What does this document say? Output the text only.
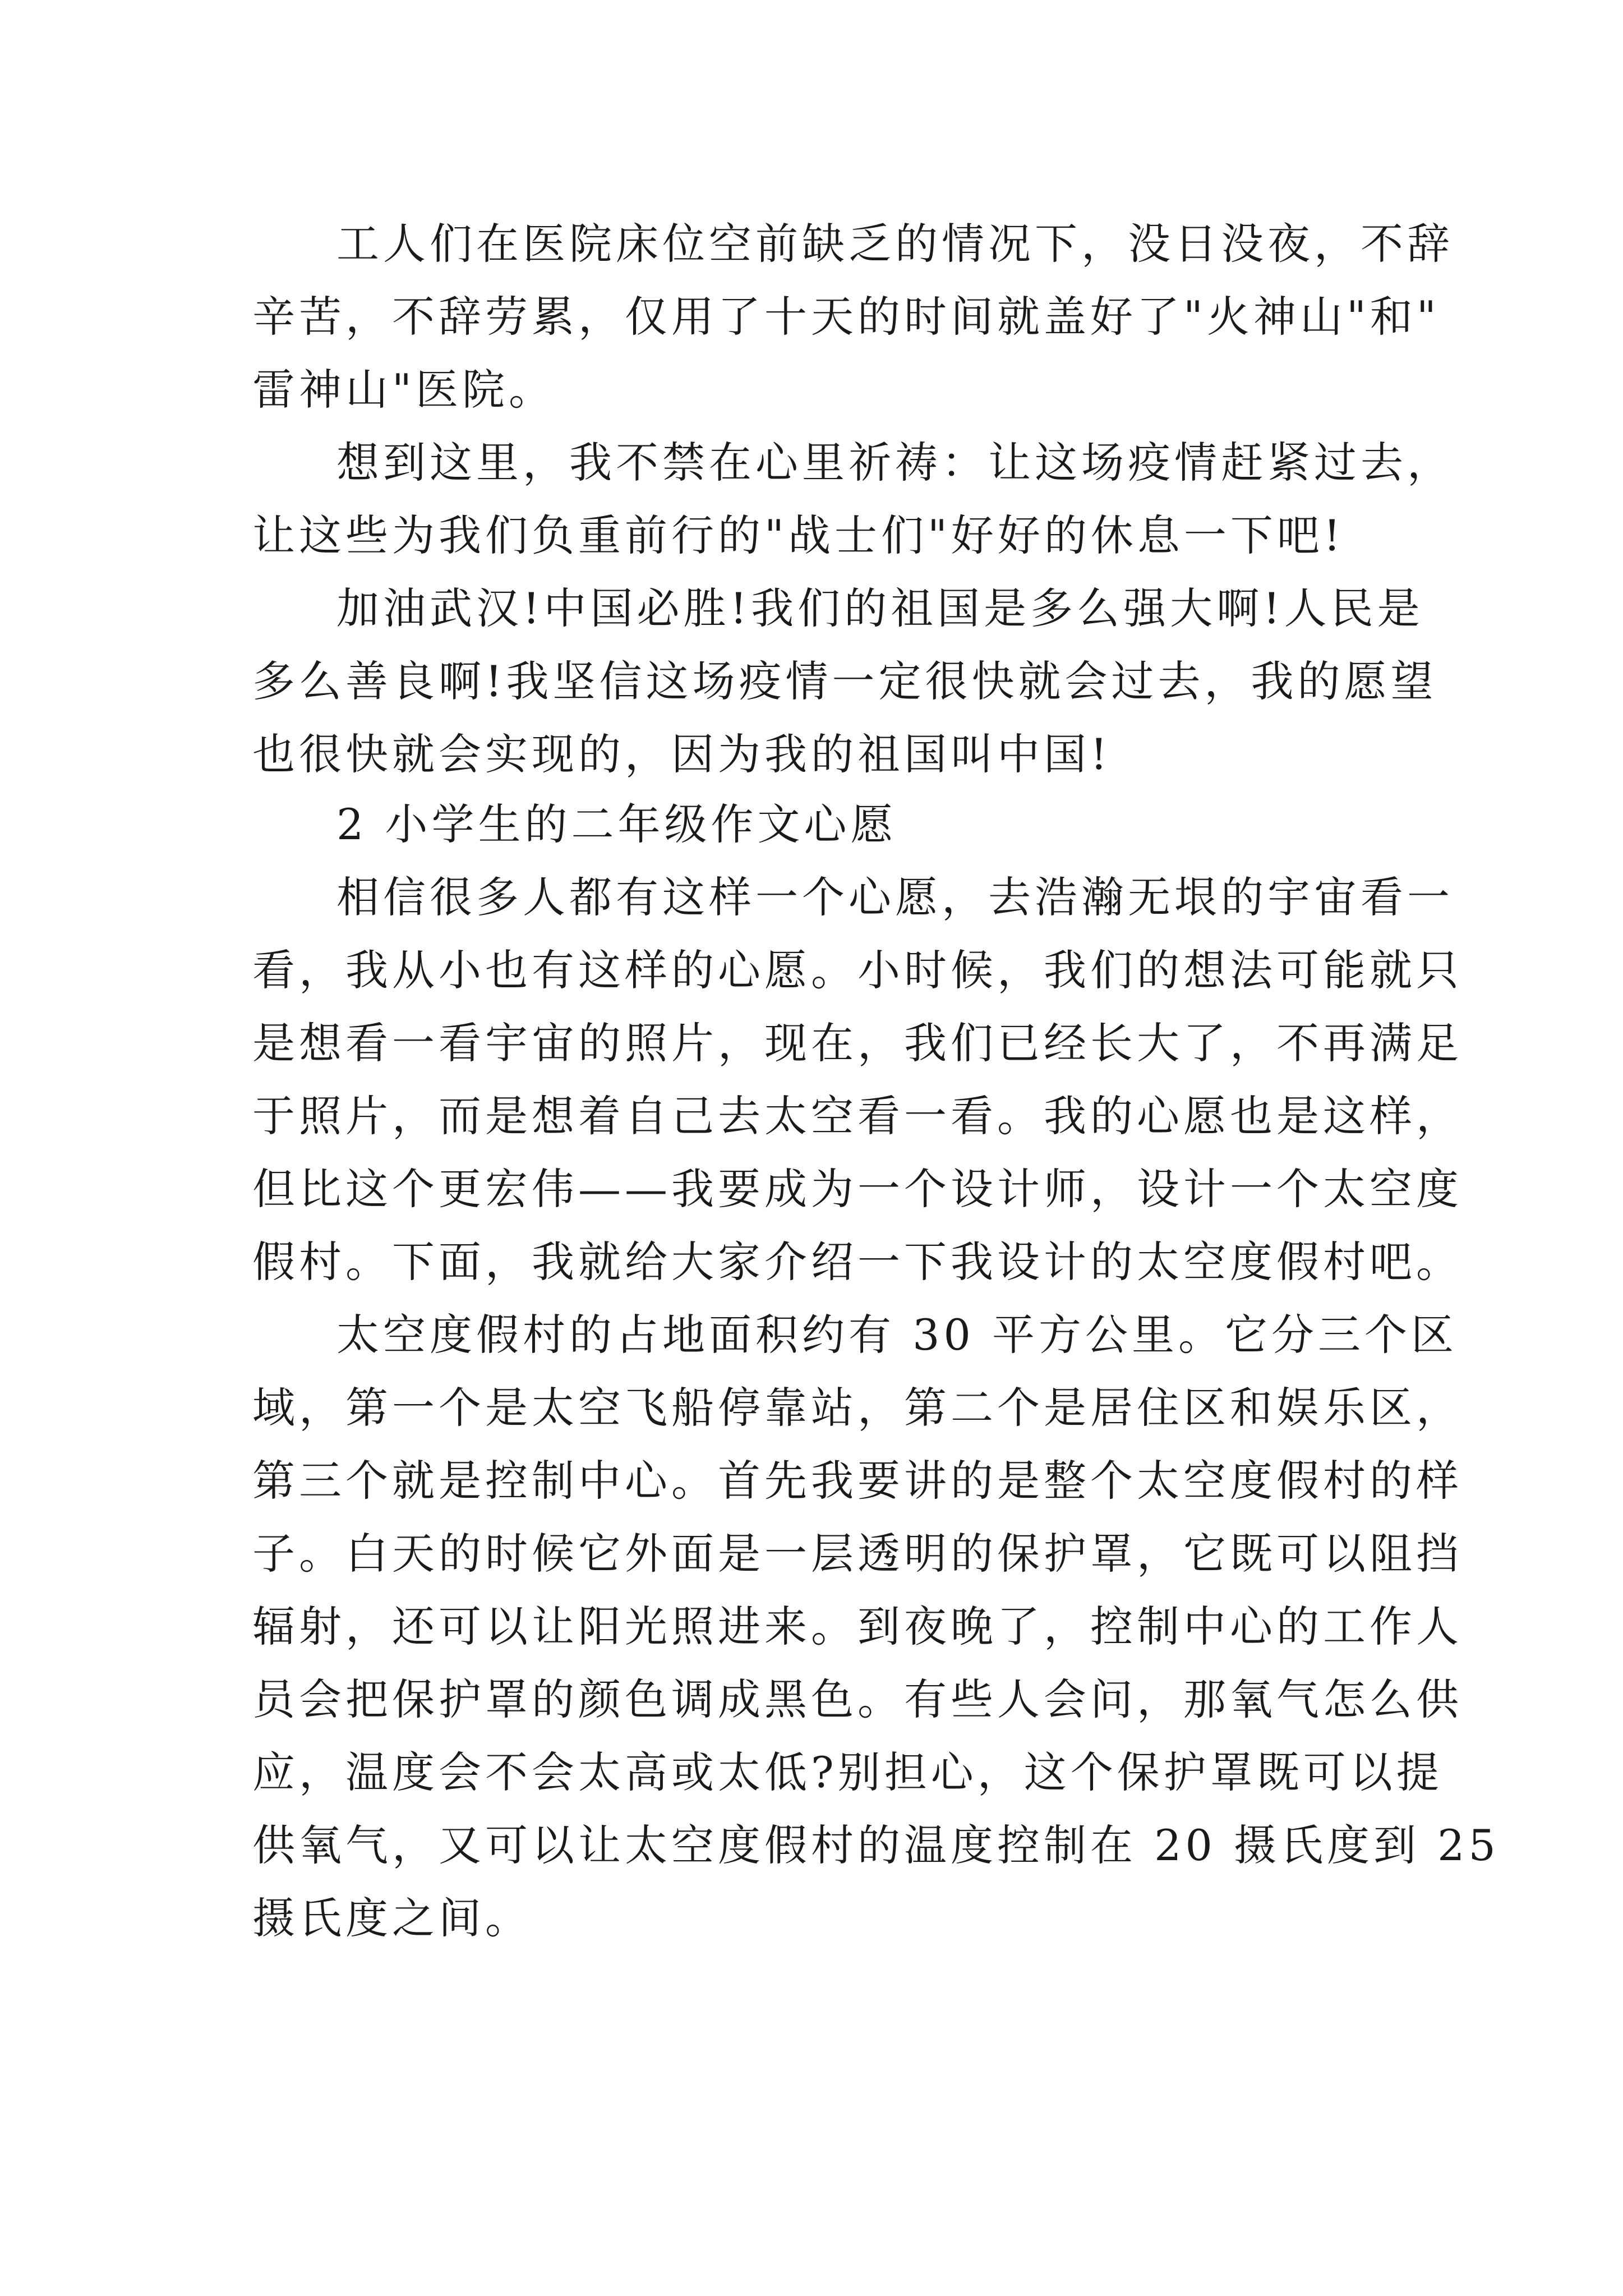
工人们在医院床位空前缺乏的情况下，没日没夜，不辞
辛苦，不辞劳累，仅用了十天的时间就盖好了"火神山"和"
雷神山"医院。
想到这里，我不禁在心里祈祷：让这场疫情赶紧过去，
让这些为我们负重前行的"战士们"好好的休息一下吧!
加油武汉!中国必胜!我们的祖国是多么强大啊!人民是
多么善良啊!我坚信这场疫情一定很快就会过去，我的愿望
也很快就会实现的，因为我的祖国叫中国!
2 小学生的二年级作文心愿
相信很多人都有这样一个心愿，去浩瀚无垠的宇宙看一
看，我从小也有这样的心愿。小时候，我们的想法可能就只
是想看一看宇宙的照片，现在，我们已经长大了，不再满足
于照片，而是想着自己去太空看一看。我的心愿也是这样，
但比这个更宏伟——我要成为一个设计师，设计一个太空度
假村。下面，我就给大家介绍一下我设计的太空度假村吧。
太空度假村的占地面积约有 30 平方公里。它分三个区
域，第一个是太空飞船停靠站，第二个是居住区和娱乐区，
第三个就是控制中心。首先我要讲的是整个太空度假村的样
子。白天的时候它外面是一层透明的保护罩，它既可以阻挡
辐射，还可以让阳光照进来。到夜晚了，控制中心的工作人
员会把保护罩的颜色调成黑色。有些人会问，那氧气怎么供
应，温度会不会太高或太低?别担心，这个保护罩既可以提
供氧气，又可以让太空度假村的温度控制在 20 摄氏度到 25
摄氏度之间。
